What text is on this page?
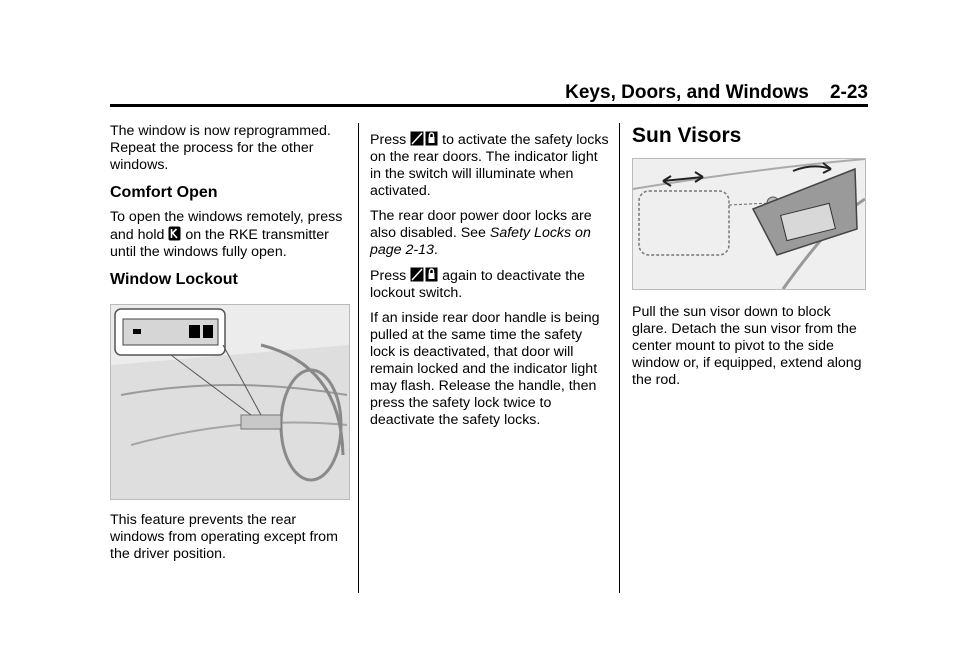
Keys, Doors, and Windows 2-23

The window is now reprogrammed. Repeat the process for the other windows.

Comfort Open

To open the windows remotely, press and hold  on the RKE transmitter until the windows fully open.

Window Lockout

This feature prevents the rear windows from operating except from the driver position.

Press  to activate the safety locks on the rear doors. The indicator light in the switch will illuminate when activated.

The rear door power door locks are also disabled. See Safety Locks on page 2-13.

Press  again to deactivate the lockout switch.

If an inside rear door handle is being pulled at the same time the safety lock is deactivated, that door will remain locked and the indicator light may flash. Release the handle, then press the safety lock twice to deactivate the safety locks.

Sun Visors

Pull the sun visor down to block glare. Detach the sun visor from the center mount to pivot to the side window or, if equipped, extend along the rod.
